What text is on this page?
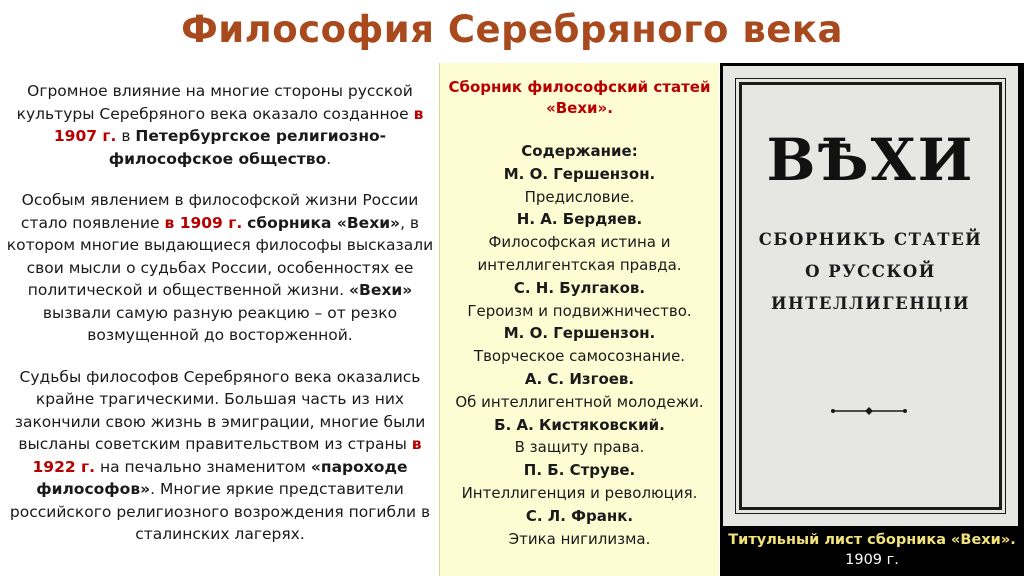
Философия Серебряного века

Огромное влияние на многие стороны русской культуры Серебряного века оказало созданное в 1907 г. в Петербургское религиозно-философское общество.

Особым явлением в философской жизни России стало появление в 1909 г. сборника «Вехи», в котором многие выдающиеся философы высказали свои мысли о судьбах России, особенностях ее политической и общественной жизни. «Вехи» вызвали самую разную реакцию – от резко возмущенной до восторженной.

Судьбы философов Серебряного века оказались крайне трагическими. Большая часть из них закончили свою жизнь в эмиграции, многие были высланы советским правительством из страны в 1922 г. на печально знаменитом «пароходе философов». Многие яркие представители российского религиозного возрождения погибли в сталинских лагерях.

Сборник философский статей «Вехи».
Содержание:
М. О. Гершензон.
Предисловие.
Н. А. Бердяев.
Философская истина и интеллигентская правда.
С. Н. Булгаков.
Героизм и подвижничество.
М. О. Гершензон.
Творческое самосознание.
А. С. Изгоев.
Об интеллигентной молодежи.
Б. А. Кистяковский.
В защиту права.
П. Б. Струве.
Интеллигенция и революция.
С. Л. Франк.
Этика нигилизма.
ВѢХИ
СБОРНИКЪ СТАТЕЙ
О РУССКОЙ
ИНТЕЛЛИГЕНЦІИ
Титульный лист сборника «Вехи».
1909 г.
